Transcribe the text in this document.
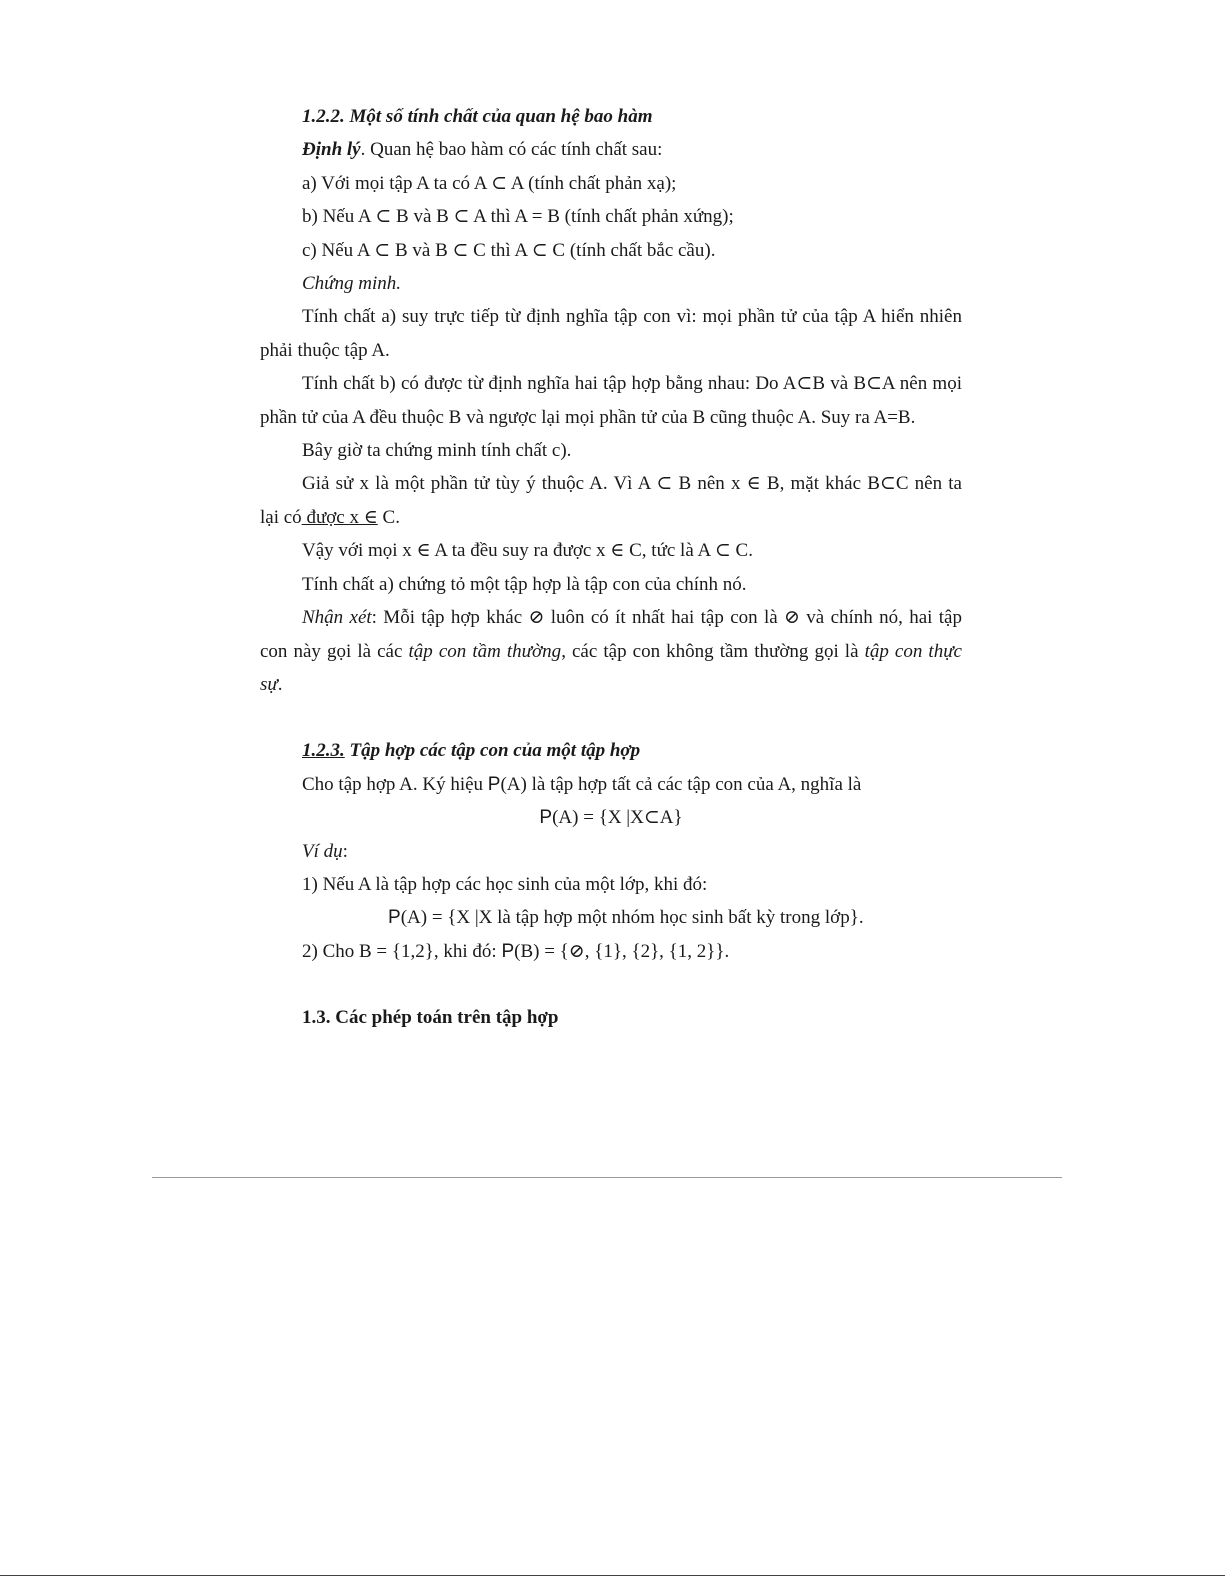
1.2.2. Một số tính chất của quan hệ bao hàm

Định lý. Quan hệ bao hàm có các tính chất sau:

a) Với mọi tập A ta có A ⊂ A (tính chất phản xạ);

b) Nếu A ⊂ B và B ⊂ A thì A = B (tính chất phản xứng);

c) Nếu A ⊂ B và B ⊂ C thì A ⊂ C (tính chất bắc cầu).

Chứng minh.

Tính chất a) suy trực tiếp từ định nghĩa tập con vì: mọi phần tử của tập A hiển nhiên phải thuộc tập A.

Tính chất b) có được từ định nghĩa hai tập hợp bằng nhau: Do A⊂B và B⊂A nên mọi phần tử của A đều thuộc B và ngược lại mọi phần tử của B cũng thuộc A. Suy ra A=B.

Bây giờ ta chứng minh tính chất c).

Giả sử x là một phần tử tùy ý thuộc A. Vì A ⊂ B nên x ∈ B, mặt khác B⊂C nên ta

lại có được x ∈ C.

Vậy với mọi x ∈ A ta đều suy ra được x ∈ C, tức là A ⊂ C.

Tính chất a) chứng tỏ một tập hợp là tập con của chính nó.

Nhận xét: Mỗi tập hợp khác ⊘ luôn có ít nhất hai tập con là ⊘ và chính nó, hai tập con này gọi là các tập con tầm thường, các tập con không tầm thường gọi là tập con thực sự.

1.2.3. Tập hợp các tập con của một tập hợp

Cho tập hợp A. Ký hiệu P(A) là tập hợp tất cả các tập con của A, nghĩa là

P(A) = {X |X⊂A}

Ví dụ:

1) Nếu A là tập hợp các học sinh của một lớp, khi đó:

P(A) = {X |X là tập hợp một nhóm học sinh bất kỳ trong lớp}.

2) Cho B = {1,2}, khi đó: P(B) = {⊘, {1}, {2}, {1, 2}}.

1.3. Các phép toán trên tập hợp
